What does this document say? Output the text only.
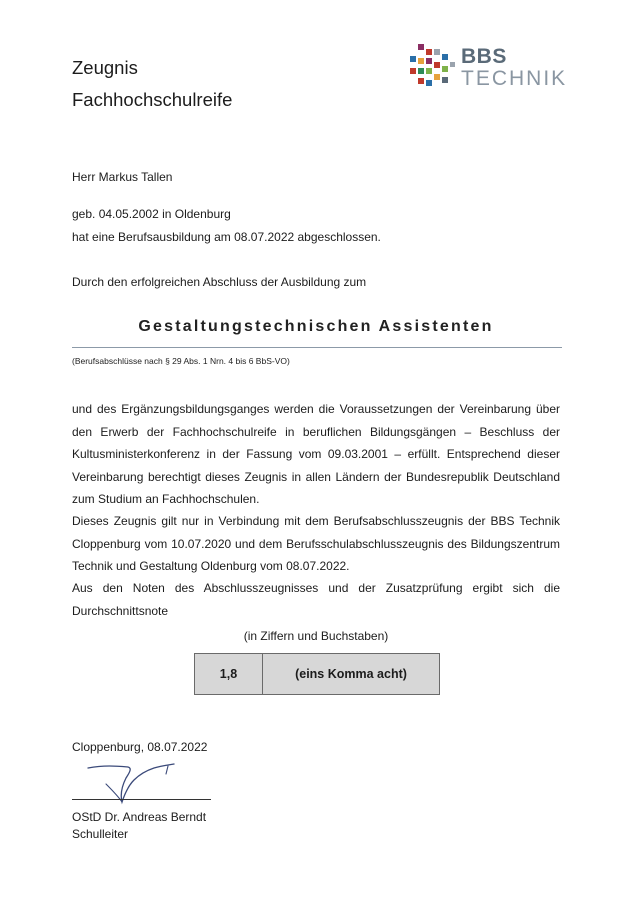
Zeugnis
Fachhochschulreife
BBS
TECHNIK
Herr Markus Tallen
geb. 04.05.2002 in Oldenburg
hat eine Berufsausbildung am 08.07.2022 abgeschlossen.
Durch den erfolgreichen Abschluss der Ausbildung zum
Gestaltungstechnischen Assistenten
(Berufsabschlüsse nach § 29 Abs. 1 Nrn. 4 bis 6 BbS-VO)
und des Ergänzungsbildungsganges werden die Voraussetzungen der Vereinbarung über den Erwerb der Fachhochschulreife in beruflichen Bildungsgängen – Beschluss der Kultusministerkonferenz in der Fassung vom 09.03.2001 – erfüllt. Entsprechend dieser Vereinbarung berechtigt dieses Zeugnis in allen Ländern der Bundesrepublik Deutschland zum Studium an Fachhochschulen.
Dieses Zeugnis gilt nur in Verbindung mit dem Berufsabschlusszeugnis der BBS Technik Cloppenburg vom 10.07.2020 und dem Berufsschulabschlusszeugnis des Bildungszentrum Technik und Gestaltung Oldenburg vom 08.07.2022.
Aus den Noten des Abschlusszeugnisses und der Zusatzprüfung ergibt sich die Durchschnittsnote
(in Ziffern und Buchstaben)
1,8	(eins Komma acht)
Cloppenburg, 08.07.2022
OStD Dr. Andreas Berndt
Schulleiter
